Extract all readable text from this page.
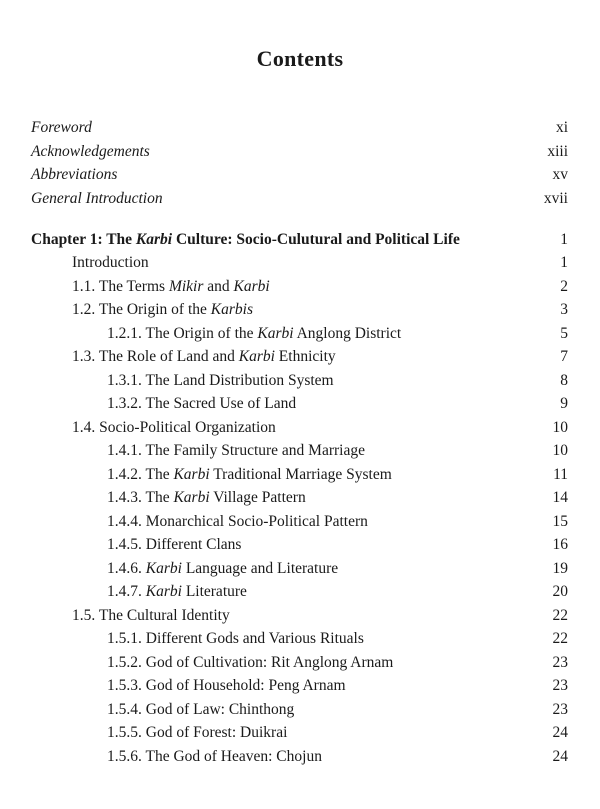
Contents
Foreword	xi
Acknowledgements	xiii
Abbreviations	xv
General Introduction	xvii
Chapter 1: The Karbi Culture: Socio-Culutural and Political Life	1
Introduction	1
1.1. The Terms Mikir and Karbi	2
1.2. The Origin of the Karbis	3
1.2.1. The Origin of the Karbi Anglong District	5
1.3. The Role of Land and Karbi Ethnicity	7
1.3.1. The Land Distribution System	8
1.3.2. The Sacred Use of Land	9
1.4. Socio-Political Organization	10
1.4.1. The Family Structure and Marriage	10
1.4.2. The Karbi Traditional Marriage System	11
1.4.3. The Karbi Village Pattern	14
1.4.4. Monarchical Socio-Political Pattern	15
1.4.5. Different Clans	16
1.4.6. Karbi Language and Literature	19
1.4.7. Karbi Literature	20
1.5. The Cultural Identity	22
1.5.1. Different Gods and Various Rituals	22
1.5.2. God of Cultivation: Rit Anglong Arnam	23
1.5.3. God of Household: Peng Arnam	23
1.5.4. God of Law: Chinthong	23
1.5.5. God of Forest: Duikrai	24
1.5.6. The God of Heaven: Chojun	24
